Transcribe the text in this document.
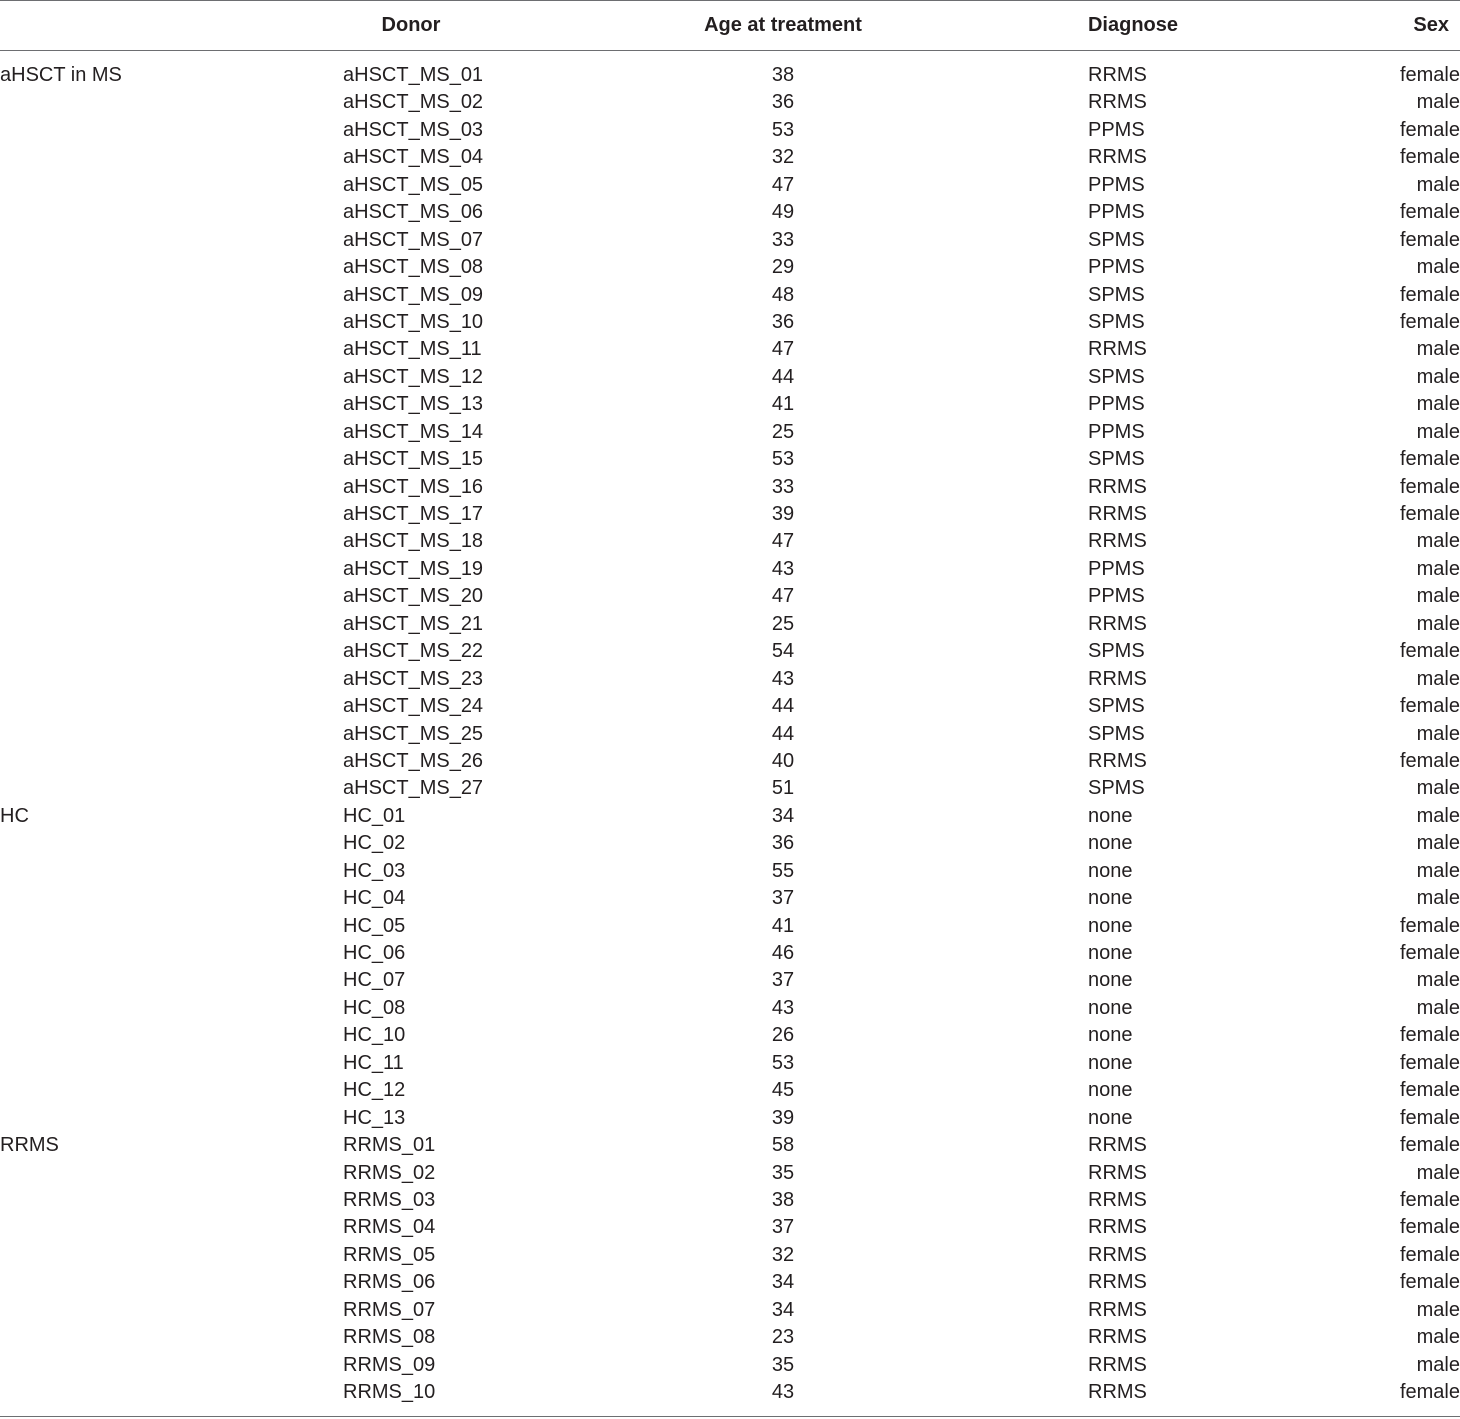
Donor	Age at treatment	Diagnose	Sex
aHSCT in MS	aHSCT_MS_01	38	RRMS	female
aHSCT_MS_02	36	RRMS	male
aHSCT_MS_03	53	PPMS	female
aHSCT_MS_04	32	RRMS	female
aHSCT_MS_05	47	PPMS	male
aHSCT_MS_06	49	PPMS	female
aHSCT_MS_07	33	SPMS	female
aHSCT_MS_08	29	PPMS	male
aHSCT_MS_09	48	SPMS	female
aHSCT_MS_10	36	SPMS	female
aHSCT_MS_11	47	RRMS	male
aHSCT_MS_12	44	SPMS	male
aHSCT_MS_13	41	PPMS	male
aHSCT_MS_14	25	PPMS	male
aHSCT_MS_15	53	SPMS	female
aHSCT_MS_16	33	RRMS	female
aHSCT_MS_17	39	RRMS	female
aHSCT_MS_18	47	RRMS	male
aHSCT_MS_19	43	PPMS	male
aHSCT_MS_20	47	PPMS	male
aHSCT_MS_21	25	RRMS	male
aHSCT_MS_22	54	SPMS	female
aHSCT_MS_23	43	RRMS	male
aHSCT_MS_24	44	SPMS	female
aHSCT_MS_25	44	SPMS	male
aHSCT_MS_26	40	RRMS	female
aHSCT_MS_27	51	SPMS	male
HC	HC_01	34	none	male
HC_02	36	none	male
HC_03	55	none	male
HC_04	37	none	male
HC_05	41	none	female
HC_06	46	none	female
HC_07	37	none	male
HC_08	43	none	male
HC_10	26	none	female
HC_11	53	none	female
HC_12	45	none	female
HC_13	39	none	female
RRMS	RRMS_01	58	RRMS	female
RRMS_02	35	RRMS	male
RRMS_03	38	RRMS	female
RRMS_04	37	RRMS	female
RRMS_05	32	RRMS	female
RRMS_06	34	RRMS	female
RRMS_07	34	RRMS	male
RRMS_08	23	RRMS	male
RRMS_09	35	RRMS	male
RRMS_10	43	RRMS	female
